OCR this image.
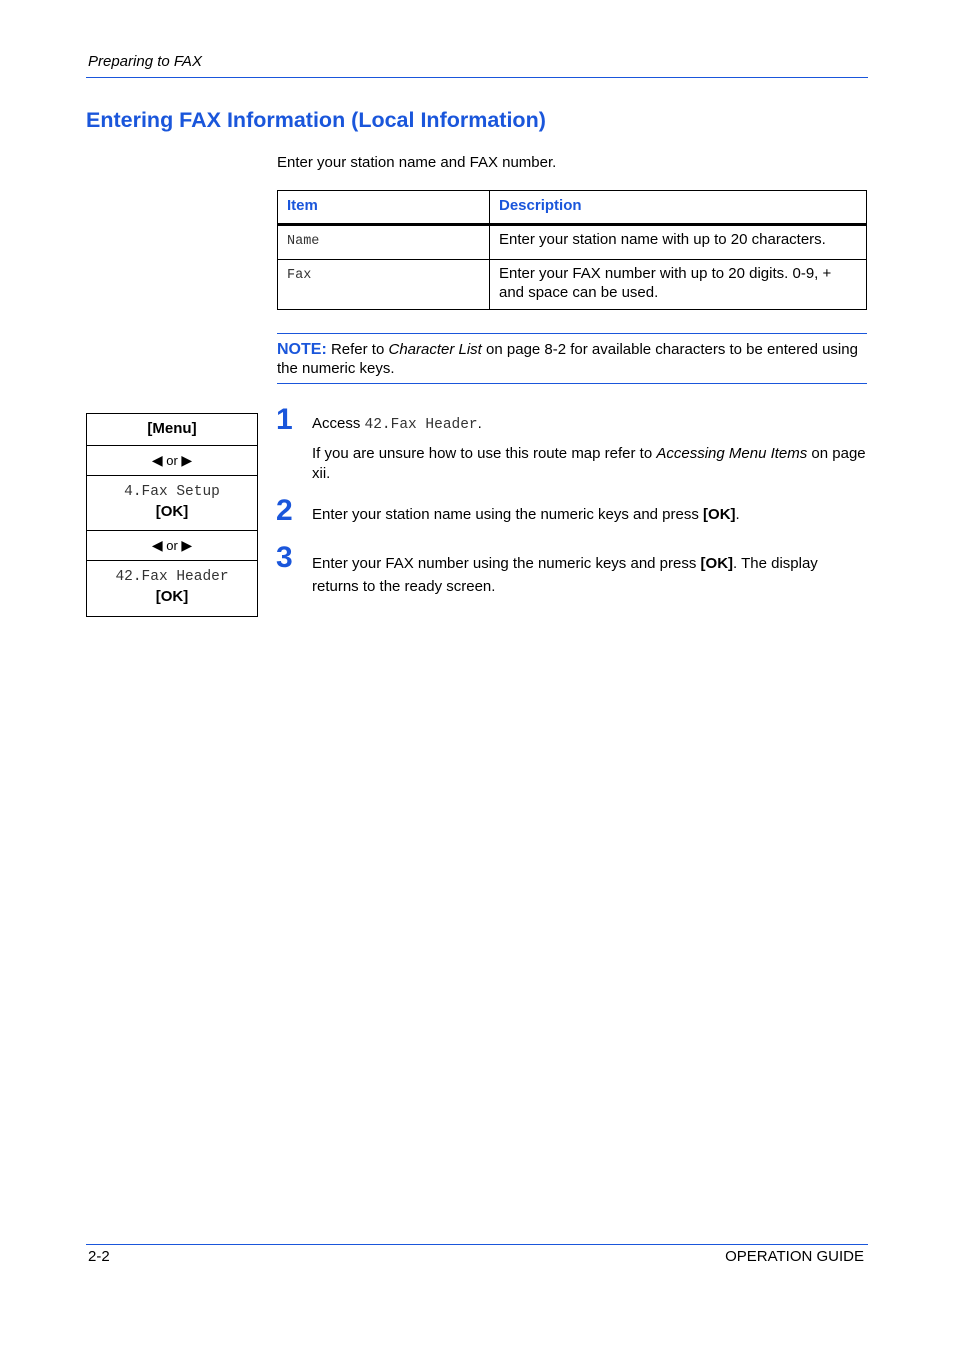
Preparing to FAX
Entering FAX Information (Local Information)
Enter your station name and FAX number.
Item	Description
Name	Enter your station name with up to 20 characters.
Fax	Enter your FAX number with up to 20 digits. 0-9, + and space can be used.
NOTE: Refer to Character List on page 8-2 for available characters to be entered using the numeric keys.
[Menu]
◀ or ▶
4.Fax Setup
[OK]
◀ or ▶
42.Fax Header
[OK]
1 Access 42.Fax Header.
If you are unsure how to use this route map refer to Accessing Menu Items on page xii.
2 Enter your station name using the numeric keys and press [OK].
3 Enter your FAX number using the numeric keys and press [OK]. The display returns to the ready screen.
2-2	OPERATION GUIDE
